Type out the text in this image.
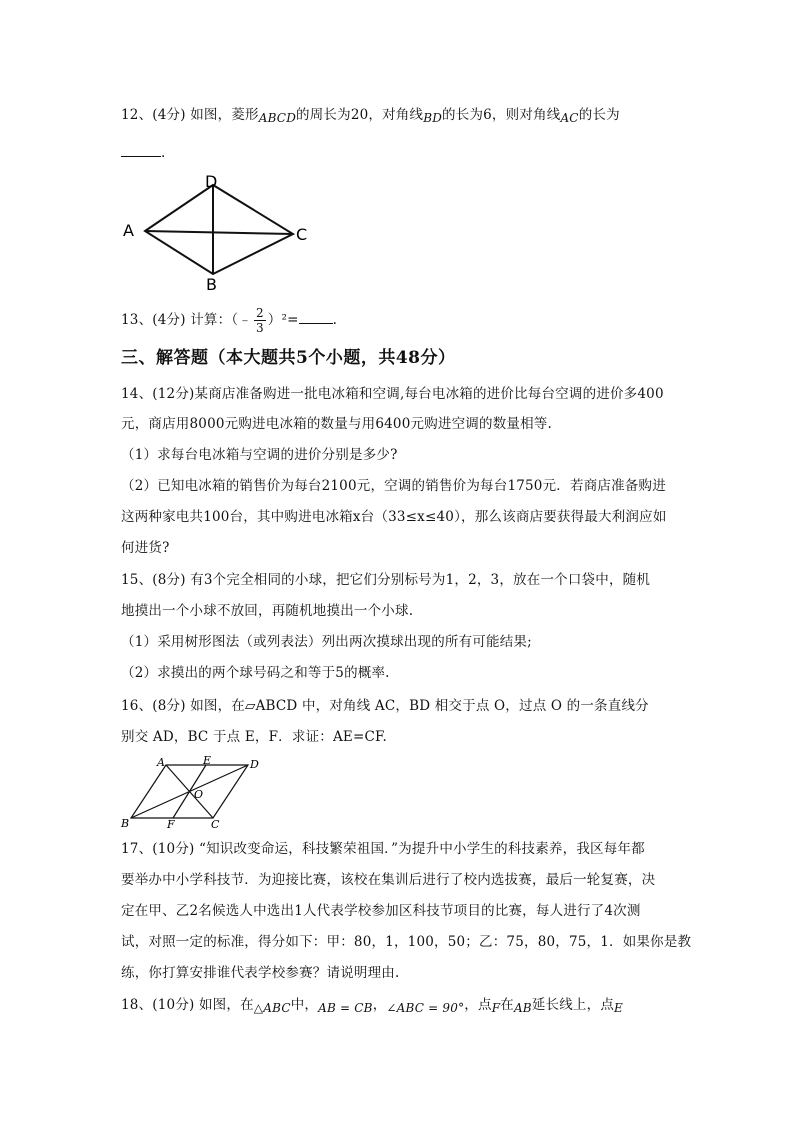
12、(4分) 如图，菱形ABCD的周长为20，对角线BD的长为6，则对角线AC的长为
.
D
A	C
B
13、(4分) 计算：（﹣ $\frac{2}{3} )^2=$	.
三、解答题（本大题共5个小题，共48分）
14、(12分)某商店准备购进一批电冰箱和空调,每台电冰箱的进价比每台空调的进价多400
元，商店用8000元购进电冰箱的数量与用6400元购进空调的数量相等.
（1）求每台电冰箱与空调的进价分别是多少?
（2）已知电冰箱的销售价为每台2100元，空调的销售价为每台1750元．若商店准备购进
这两种家电共100台，其中购进电冰箱x台（33≤x≤40），那么该商店要获得最大利润应如
何进货?
15、(8分) 有3个完全相同的小球，把它们分别标号为1，2，3，放在一个口袋中，随机
地摸出一个小球不放回，再随机地摸出一个小球.
（1）采用树形图法（或列表法）列出两次摸球出现的所有可能结果;
（2）求摸出的两个球号码之和等于5的概率.
16、(8分) 如图，在▱ABCD 中，对角线 AC，BD 相交于点 O，过点 O 的一条直线分
别交 AD，BC 于点 E，F．求证：AE=CF.
A	E	D
O
B	F	C
17、(10分) “知识改变命运，科技繁荣祖国．”为提升中小学生的科技素养，我区每年都
要举办中小学科技节．为迎接比赛，该校在集训后进行了校内选拔赛，最后一轮复赛，决
定在甲、乙2名候选人中选出1人代表学校参加区科技节项目的比赛，每人进行了4次测
试，对照一定的标准，得分如下：甲：80，1，100，50；乙：75，80，75，1．如果你是教
练，你打算安排谁代表学校参赛？请说明理由.
18、(10分) 如图，在△ABC中，AB = CB，∠ABC = 90°，点F在AB延长线上，点E
